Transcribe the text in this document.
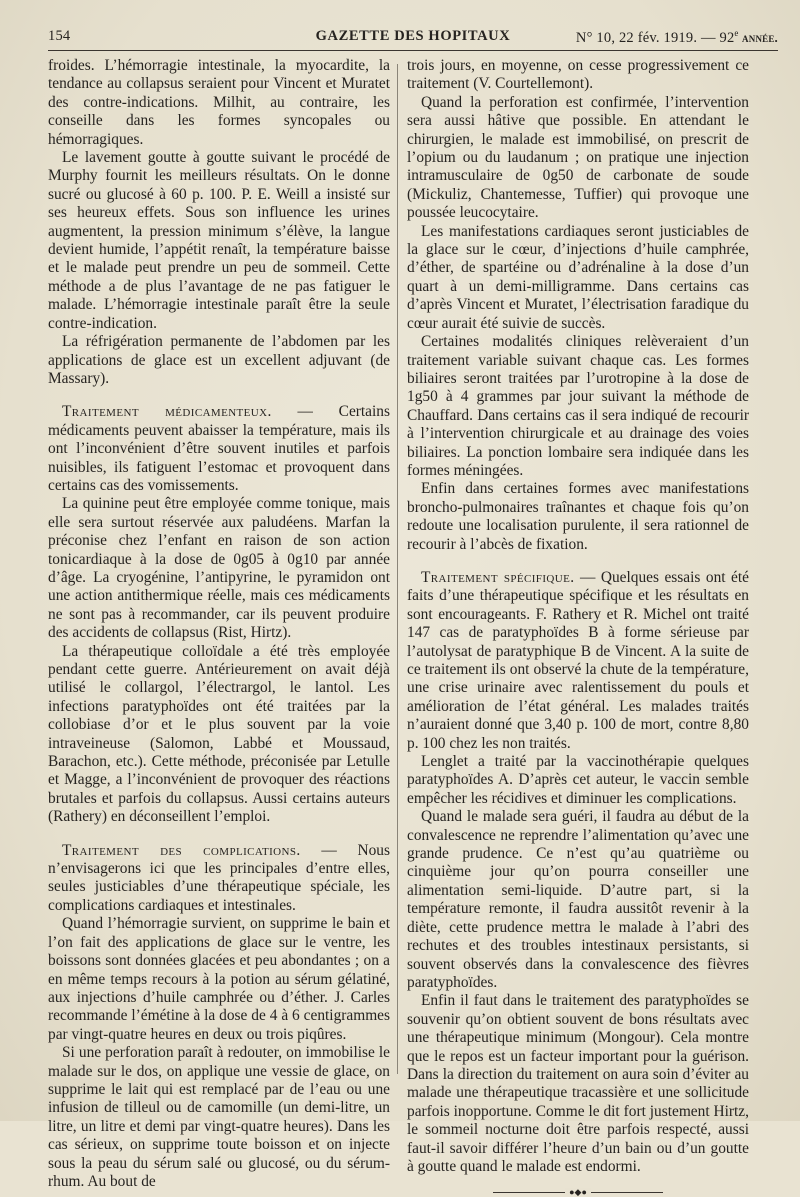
154	GAZETTE DES HOPITAUX	N° 10, 22 fév. 1919. — 92e année.

froides. L’hémorragie intestinale, la myocardite, la tendance au collapsus seraient pour Vincent et Muratet des contre-indications. Milhit, au contraire, les conseille dans les formes syncopales ou hémorragiques.

Le lavement goutte à goutte suivant le procédé de Murphy fournit les meilleurs résultats. On le donne sucré ou glucosé à 60 p. 100. P. E. Weill a insisté sur ses heureux effets. Sous son influence les urines augmentent, la pression minimum s’élève, la langue devient humide, l’appétit renaît, la température baisse et le malade peut prendre un peu de sommeil. Cette méthode a de plus l’avantage de ne pas fatiguer le malade. L’hémorragie intestinale paraît être la seule contre-indication.

La réfrigération permanente de l’abdomen par les applications de glace est un excellent adjuvant (de Massary).

Traitement médicamenteux. — Certains médicaments peuvent abaisser la température, mais ils ont l’inconvénient d’être souvent inutiles et parfois nuisibles, ils fatiguent l’estomac et provoquent dans certains cas des vomissements.

La quinine peut être employée comme tonique, mais elle sera surtout réservée aux paludéens. Marfan la préconise chez l’enfant en raison de son action tonicardiaque à la dose de 0g05 à 0g10 par année d’âge. La cryogénine, l’antipyrine, le pyramidon ont une action antithermique réelle, mais ces médicaments ne sont pas à recommander, car ils peuvent produire des accidents de collapsus (Rist, Hirtz).

La thérapeutique colloïdale a été très employée pendant cette guerre. Antérieurement on avait déjà utilisé le collargol, l’électrargol, le lantol. Les infections paratyphoïdes ont été traitées par la collobiase d’or et le plus souvent par la voie intraveineuse (Salomon, Labbé et Moussaud, Barachon, etc.). Cette méthode, préconisée par Letulle et Magge, a l’inconvénient de provoquer des réactions brutales et parfois du collapsus. Aussi certains auteurs (Rathery) en déconseillent l’emploi.

Traitement des complications. — Nous n’envisagerons ici que les principales d’entre elles, seules justiciables d’une thérapeutique spéciale, les complications cardiaques et intestinales.

Quand l’hémorragie survient, on supprime le bain et l’on fait des applications de glace sur le ventre, les boissons sont données glacées et peu abondantes ; on a en même temps recours à la potion au sérum gélatiné, aux injections d’huile camphrée ou d’éther. J. Carles recommande l’émétine à la dose de 4 à 6 centigrammes par vingt-quatre heures en deux ou trois piqûres.

Si une perforation paraît à redouter, on immobilise le malade sur le dos, on applique une vessie de glace, on supprime le lait qui est remplacé par de l’eau ou une infusion de tilleul ou de camomille (un demi-litre, un litre, un litre et demi par vingt-quatre heures). Dans les cas sérieux, on supprime toute boisson et on injecte sous la peau du sérum salé ou glucosé, ou du sérum-rhum. Au bout de

trois jours, en moyenne, on cesse progressivement ce traitement (V. Courtellemont).

Quand la perforation est confirmée, l’intervention sera aussi hâtive que possible. En attendant le chirurgien, le malade est immobilisé, on prescrit de l’opium ou du laudanum ; on pratique une injection intramusculaire de 0g50 de carbonate de soude (Mickuliz, Chantemesse, Tuffier) qui provoque une poussée leucocytaire.

Les manifestations cardiaques seront justiciables de la glace sur le cœur, d’injections d’huile camphrée, d’éther, de spartéine ou d’adrénaline à la dose d’un quart à un demi-milligramme. Dans certains cas d’après Vincent et Muratet, l’électrisation faradique du cœur aurait été suivie de succès.

Certaines modalités cliniques relèveraient d’un traitement variable suivant chaque cas. Les formes biliaires seront traitées par l’urotropine à la dose de 1g50 à 4 grammes par jour suivant la méthode de Chauffard. Dans certains cas il sera indiqué de recourir à l’intervention chirurgicale et au drainage des voies biliaires. La ponction lombaire sera indiquée dans les formes méningées.

Enfin dans certaines formes avec manifestations broncho-pulmonaires traînantes et chaque fois qu’on redoute une localisation purulente, il sera rationnel de recourir à l’abcès de fixation.

Traitement spécifique. — Quelques essais ont été faits d’une thérapeutique spécifique et les résultats en sont encourageants. F. Rathery et R. Michel ont traité 147 cas de paratyphoïdes B à forme sérieuse par l’autolysat de paratyphique B de Vincent. A la suite de ce traitement ils ont observé la chute de la température, une crise urinaire avec ralentissement du pouls et amélioration de l’état général. Les malades traités n’auraient donné que 3,40 p. 100 de mort, contre 8,80 p. 100 chez les non traités.

Lenglet a traité par la vaccinothérapie quelques paratyphoïdes A. D’après cet auteur, le vaccin semble empêcher les récidives et diminuer les complications.

Quand le malade sera guéri, il faudra au début de la convalescence ne reprendre l’alimentation qu’avec une grande prudence. Ce n’est qu’au quatrième ou cinquième jour qu’on pourra conseiller une alimentation semi-liquide. D’autre part, si la température remonte, il faudra aussitôt revenir à la diète, cette prudence mettra le malade à l’abri des rechutes et des troubles intestinaux persistants, si souvent observés dans la convalescence des fièvres paratyphoïdes.

Enfin il faut dans le traitement des paratyphoïdes se souvenir qu’on obtient souvent de bons résultats avec une thérapeutique minimum (Mongour). Cela montre que le repos est un facteur important pour la guérison. Dans la direction du traitement on aura soin d’éviter au malade une thérapeutique tracassière et une sollicitude parfois inopportune. Comme le dit fort justement Hirtz, le sommeil nocturne doit être parfois respecté, aussi faut-il savoir différer l’heure d’un bain ou d’un goutte à goutte quand le malade est endormi.

●◆●
